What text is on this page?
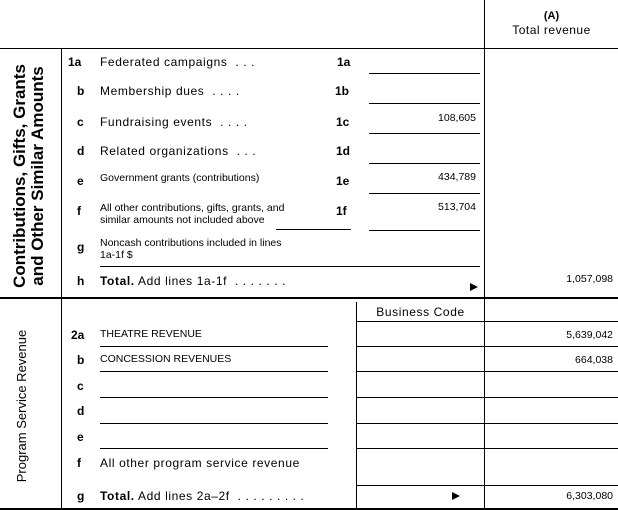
(A)
Total revenue
Contributions, Gifts, Grants and Other Similar Amounts
Program Service Revenue
1a Federated campaigns . . .	1a
b Membership dues . . . .	1b
c Fundraising events . . . .	1c	108,605
d Related organizations . . .	1d
e Government grants (contributions)	1e	434,789
f All other contributions, gifts, grants, and
similar amounts not included above
1f	513,704
g Noncash contributions included in lines
1a-1f $
h Total. Add lines 1a-1f . . . . . . .	1,057,098
Business Code
2a THEATRE REVENUE	5,639,042
b CONCESSION REVENUES	664,038
c
d
e
f All other program service revenue
g Total. Add lines 2a–2f . . . . . . . . .	6,303,080
